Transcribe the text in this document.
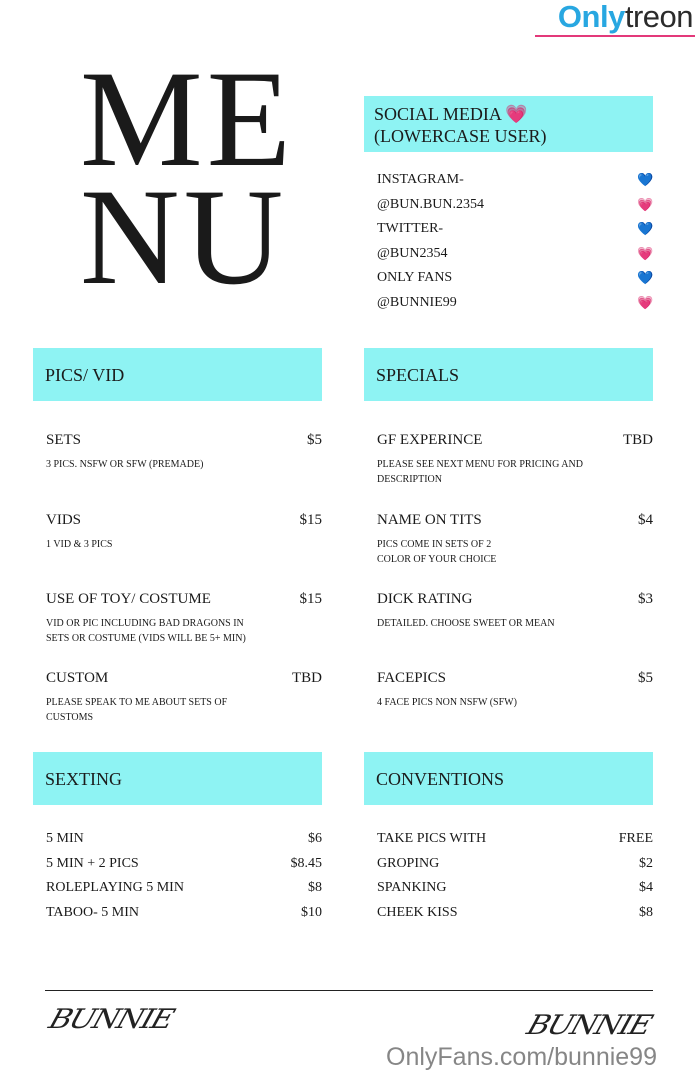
Onlytreon
ME
NU
SOCIAL MEDIA 💗
(LOWERCASE USER)
INSTAGRAM-	💙
@BUN.BUN.2354	💗
TWITTER-	💙
@BUN2354	💗
ONLY FANS	💙
@BUNNIE99	💗
PICS/ VID
SETS	$5
3 PICS. NSFW OR SFW (PREMADE)
VIDS	$15
1 VID & 3 PICS
USE OF TOY/ COSTUME	$15
VID OR PIC INCLUDING BAD DRAGONS IN
SETS OR COSTUME (VIDS WILL BE 5+ MIN)
CUSTOM	TBD
PLEASE SPEAK TO ME ABOUT SETS OF
CUSTOMS
SPECIALS
GF EXPERINCE	TBD
PLEASE SEE NEXT MENU FOR PRICING AND
DESCRIPTION
NAME ON TITS	$4
PICS COME IN SETS OF 2
COLOR OF YOUR CHOICE
DICK RATING	$3
DETAILED. CHOOSE SWEET OR MEAN
FACEPICS	$5
4 FACE PICS NON NSFW (SFW)
SEXTING
5 MIN	$6
5 MIN + 2 PICS	$8.45
ROLEPLAYING 5 MIN	$8
TABOO- 5 MIN	$10
CONVENTIONS
TAKE PICS WITH	FREE
GROPING	$2
SPANKING	$4
CHEEK KISS	$8
BUNNIE	BUNNIE
OnlyFans.com/bunnie99
